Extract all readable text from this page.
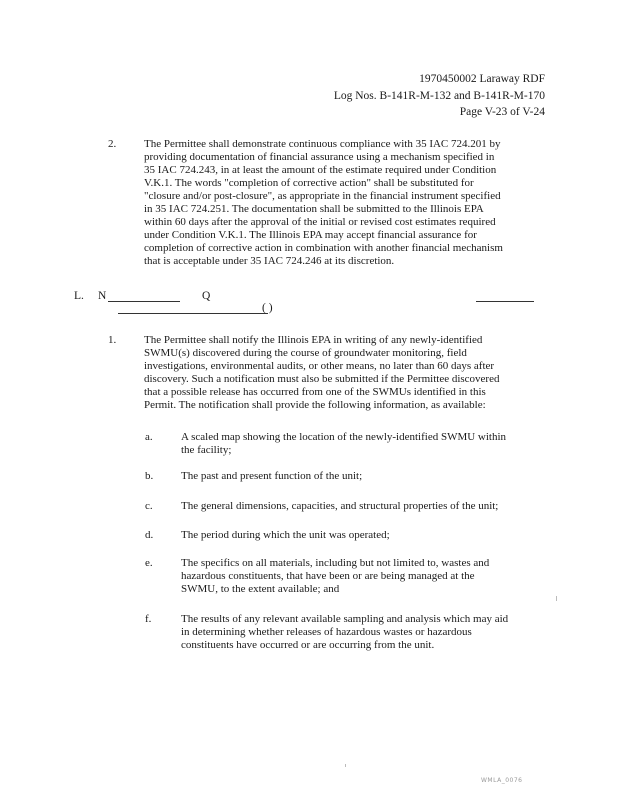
1970450002 Laraway RDF
Log Nos. B-141R-M-132 and B-141R-M-170
Page V-23 of V-24
2.	The Permittee shall demonstrate continuous compliance with 35 IAC 724.201 by

providing documentation of financial assurance using a mechanism specified in

35 IAC 724.243, in at least the amount of the estimate required under Condition

V.K.1. The words "completion of corrective action" shall be substituted for

"closure and/or post-closure", as appropriate in the financial instrument specified

in 35 IAC 724.251. The documentation shall be submitted to the Illinois EPA

within 60 days after the approval of the initial or revised cost estimates required

under Condition V.K.1. The Illinois EPA may accept financial assurance for

completion of corrective action in combination with another financial mechanism

that is acceptable under 35 IAC 724.246 at its discretion.

L. N	Q
( )
1.	The Permittee shall notify the Illinois EPA in writing of any newly-identified

SWMU(s) discovered during the course of groundwater monitoring, field

investigations, environmental audits, or other means, no later than 60 days after

discovery. Such a notification must also be submitted if the Permittee discovered

that a possible release has occurred from one of the SWMUs identified in this

Permit. The notification shall provide the following information, as available:

a.	A scaled map showing the location of the newly-identified SWMU within

the facility;

b.	The past and present function of the unit;

c.	The general dimensions, capacities, and structural properties of the unit;

d.	The period during which the unit was operated;

e.	The specifics on all materials, including but not limited to, wastes and

hazardous constituents, that have been or are being managed at the

SWMU, to the extent available; and

f.	The results of any relevant available sampling and analysis which may aid

in determining whether releases of hazardous wastes or hazardous

constituents have occurred or are occurring from the unit.

WMLA_0076
